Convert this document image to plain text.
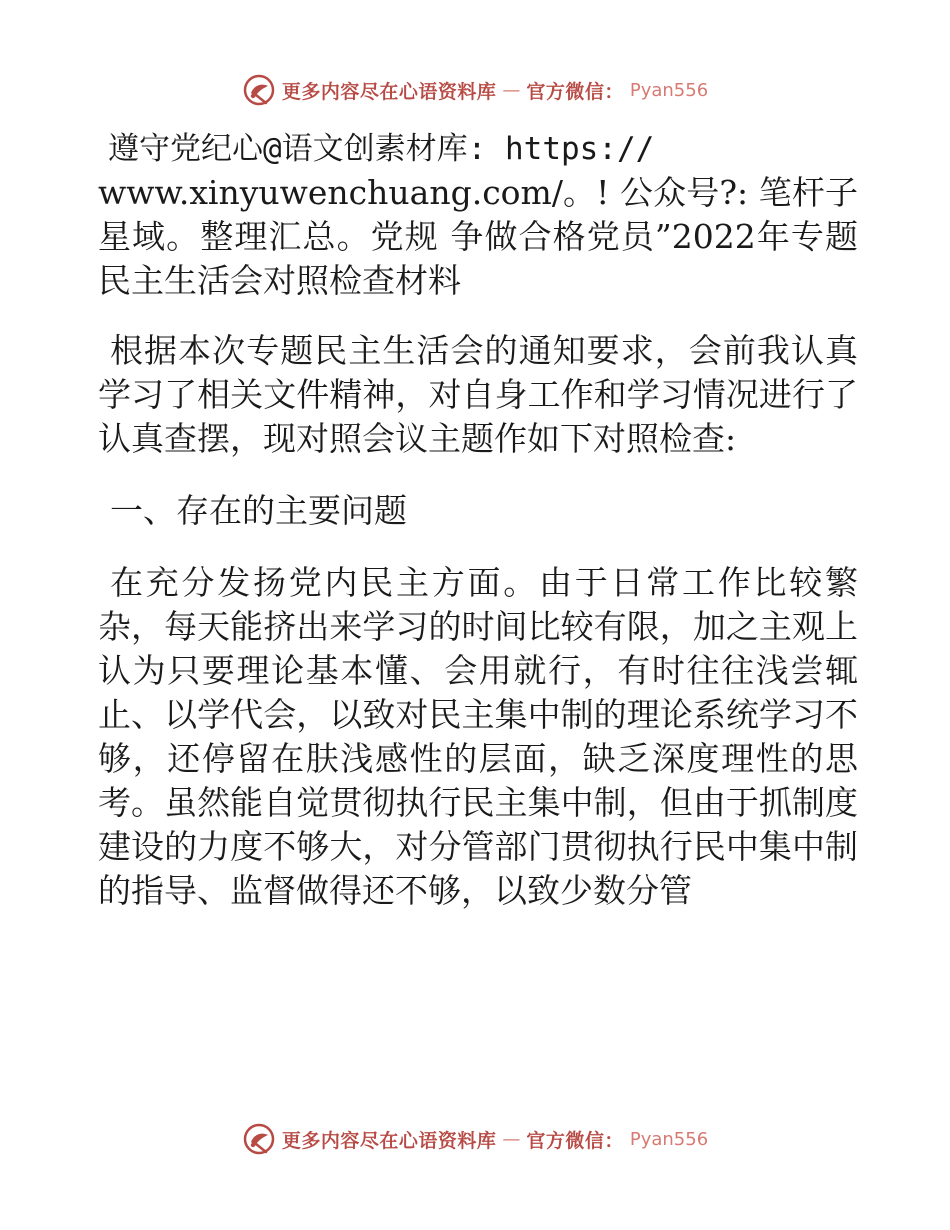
更多内容尽在心语资料库 — 官方微信： Pyan556

遵守党纪心@语文创素材库: https://
www.xinyuwenchuang.com/。! 公众号?: 笔杆子星域。整理汇总。党规 争做合格党员”2022年专题民主生活会对照检查材料

根据本次专题民主生活会的通知要求，会前我认真学习了相关文件精神，对自身工作和学习情况进行了认真查摆，现对照会议主题作如下对照检查:

一、存在的主要问题

在充分发扬党内民主方面。由于日常工作比较繁杂，每天能挤出来学习的时间比较有限，加之主观上认为只要理论基本懂、会用就行，有时往往浅尝辄止、以学代会，以致对民主集中制的理论系统学习不够，还停留在肤浅感性的层面，缺乏深度理性的思考。虽然能自觉贯彻执行民主集中制，但由于抓制度建设的力度不够大，对分管部门贯彻执行民中集中制的指导、监督做得还不够，以致少数分管

更多内容尽在心语资料库 — 官方微信： Pyan556
